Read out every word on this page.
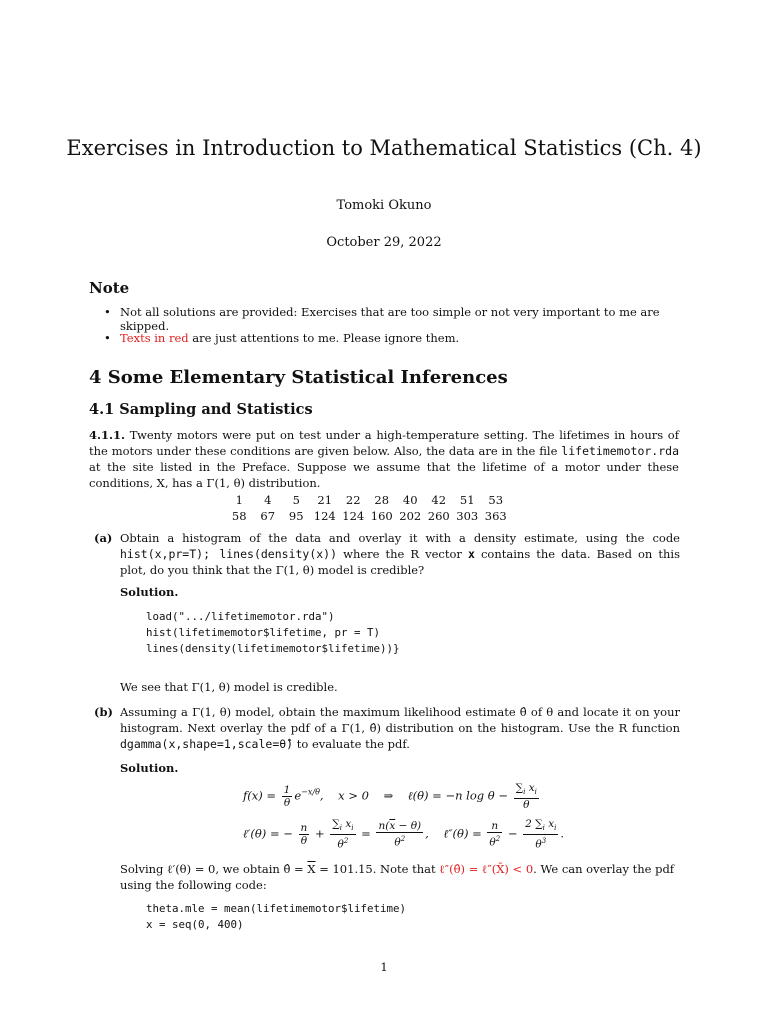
Exercises in Introduction to Mathematical Statistics (Ch. 4)
Tomoki Okuno
October 29, 2022
Note
• Not all solutions are provided: Exercises that are too simple or not very important to me are skipped.
• Texts in red are just attentions to me. Please ignore them.
4 Some Elementary Statistical Inferences
4.1 Sampling and Statistics
4.1.1. Twenty motors were put on test under a high-temperature setting. The lifetimes in hours of the motors under these conditions are given below. Also, the data are in the file lifetimemotor.rda at the site listed in the Preface. Suppose we assume that the lifetime of a motor under these conditions, X, has a Γ(1, θ) distribution.
1	4	5	21	22	28	40	42	51	53
58	67	95	124	124	160	202	260	303	363
(a) Obtain a histogram of the data and overlay it with a density estimate, using the code hist(x,pr=T); lines(density(x)) where the R vector x contains the data. Based on this plot, do you think that the Γ(1, θ) model is credible?
Solution.
load(".../lifetimemotor.rda")
hist(lifetimemotor$lifetime, pr = T)
lines(density(lifetimemotor$lifetime))}
We see that Γ(1, θ) model is credible.
(b) Assuming a Γ(1, θ) model, obtain the maximum likelihood estimate θ̂ of θ and locate it on your histogram. Next overlay the pdf of a Γ(1, θ̂) distribution on the histogram. Use the R function dgamma(x,shape=1,scale=θ̂) to evaluate the pdf.
Solution.
$f(x) = \frac{1}{\theta} e^{-x/\theta}$,    x > 0    ⇒    ℓ(θ) = −n $\log \theta - \frac{\sum_i x_i}{\theta}$
ℓ′(θ) = − $\frac{n}{\theta} + \frac{\sum_i x_i}{\theta^2} = \frac{n(\overline{x} - \theta)}{\theta^2}$ ,    ℓ″(θ) = $\frac{n}{\theta^2} - \frac{2 \sum_i x_i}{\theta^3}$ .
Solving ℓ′(θ) = 0, we obtain θ̂ = $\overline{X} = 101.15$. Note that ℓ″(θ̂) = ℓ″(X̄) < 0. We can overlay the pdf using the following code:
theta.mle = mean(lifetimemotor$lifetime)
x = seq(0, 400)
1
